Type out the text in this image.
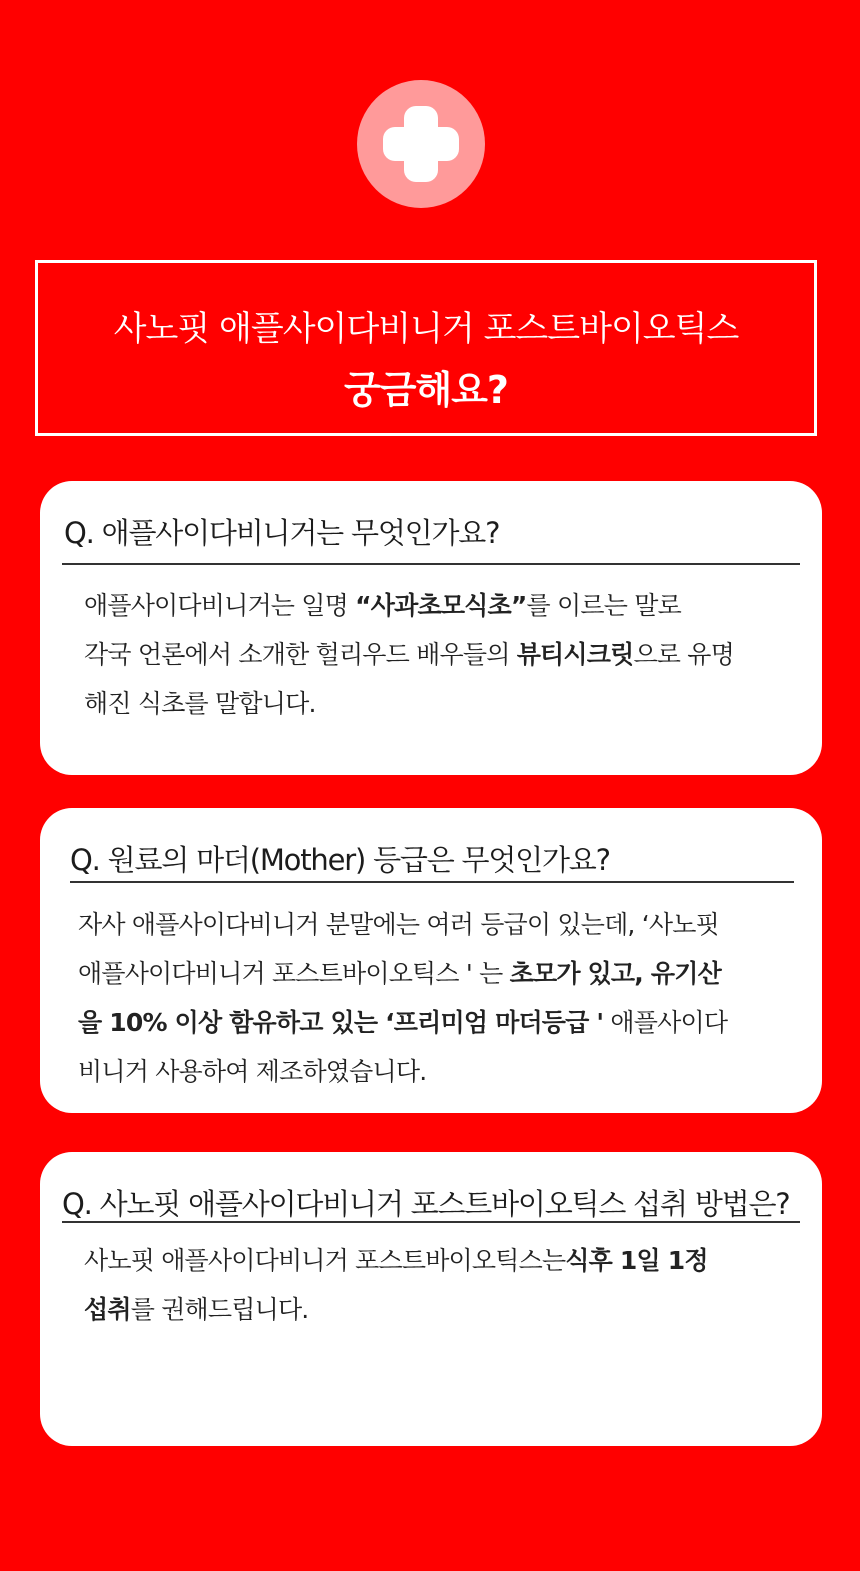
사노핏 애플사이다비니거 포스트바이오틱스
궁금해요?
Q. 애플사이다비니거는 무엇인가요?
애플사이다비니거는 일명 “사과초모식초”를 이르는 말로
각국 언론에서 소개한 헐리우드 배우들의 뷰티시크릿으로 유명
해진 식초를 말합니다.
Q. 원료의 마더(Mother) 등급은 무엇인가요?
자사 애플사이다비니거 분말에는 여러 등급이 있는데, ‘사노핏
애플사이다비니거 포스트바이오틱스 ' 는 초모가 있고, 유기산
을 10% 이상 함유하고 있는 ‘프리미엄 마더등급 ' 애플사이다
비니거 사용하여 제조하였습니다.
Q. 사노핏 애플사이다비니거 포스트바이오틱스 섭취 방법은?
사노핏 애플사이다비니거 포스트바이오틱스는식후 1일 1정
섭취를 권해드립니다.
